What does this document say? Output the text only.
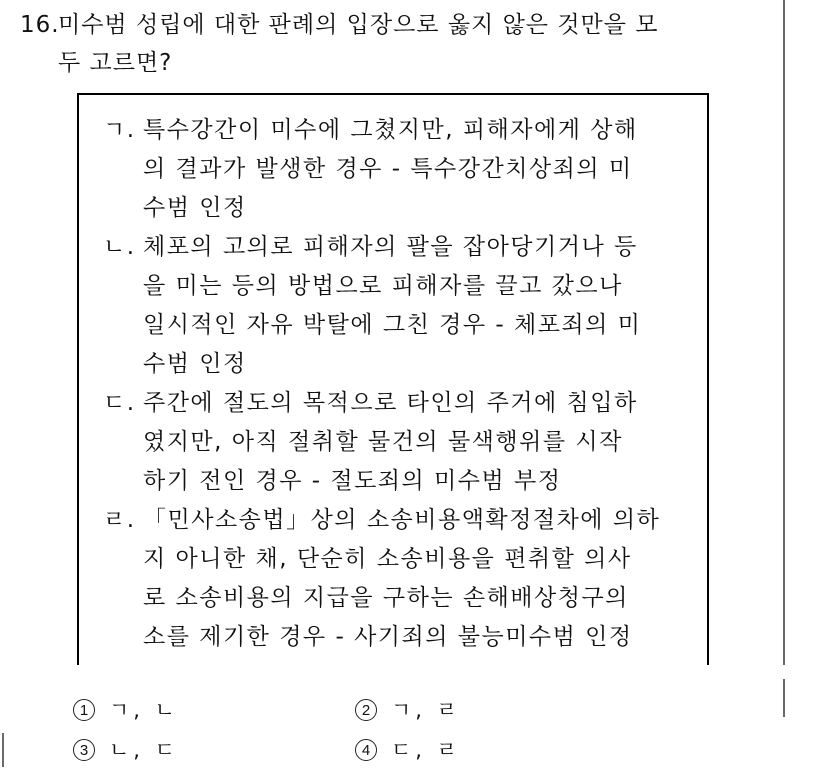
16.미수범 성립에 대한 판례의 입장으로 옳지 않은 것만을 모
두 고르면?
ㄱ. 특수강간이 미수에 그쳤지만, 피해자에게 상해
의 결과가 발생한 경우 - 특수강간치상죄의 미
수범 인정
ㄴ. 체포의 고의로 피해자의 팔을 잡아당기거나 등
을 미는 등의 방법으로 피해자를 끌고 갔으나
일시적인 자유 박탈에 그친 경우 - 체포죄의 미
수범 인정
ㄷ. 주간에 절도의 목적으로 타인의 주거에 침입하
였지만, 아직 절취할 물건의 물색행위를 시작
하기 전인 경우 - 절도죄의 미수범 부정
ㄹ. 「민사소송법」상의 소송비용액확정절차에 의하
지 아니한 채, 단순히 소송비용을 편취할 의사
로 소송비용의 지급을 구하는 손해배상청구의
소를 제기한 경우 - 사기죄의 불능미수범 인정
1 ㄱ, ㄴ	2 ㄱ, ㄹ
3 ㄴ, ㄷ	4 ㄷ, ㄹ
